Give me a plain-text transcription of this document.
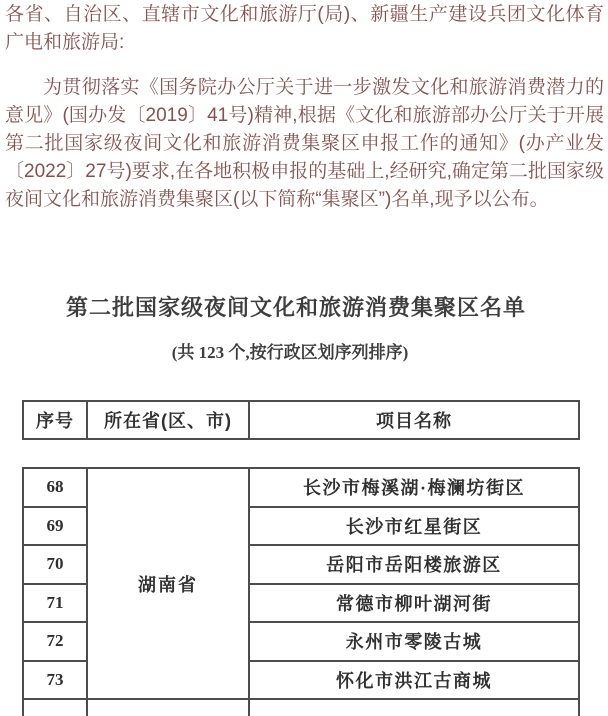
各省、自治区、直辖市文化和旅游厅(局)、新疆生产建设兵团文化体育广电和旅游局:

为贯彻落实《国务院办公厅关于进一步激发文化和旅游消费潜力的意见》(国办发〔2019〕41号)精神,根据《文化和旅游部办公厅关于开展第二批国家级夜间文化和旅游消费集聚区申报工作的通知》(办产业发〔2022〕27号)要求,在各地积极申报的基础上,经研究,确定第二批国家级夜间文化和旅游消费集聚区(以下简称“集聚区”)名单,现予以公布。

第二批国家级夜间文化和旅游消费集聚区名单
(共 123 个,按行政区划序列排序)
序号	所在省(区、市)	项目名称
68	湖南省	长沙市梅溪湖·梅澜坊街区
69		长沙市红星街区
70		岳阳市岳阳楼旅游区
71		常德市柳叶湖河街
72		永州市零陵古城
73		怀化市洪江古商城
